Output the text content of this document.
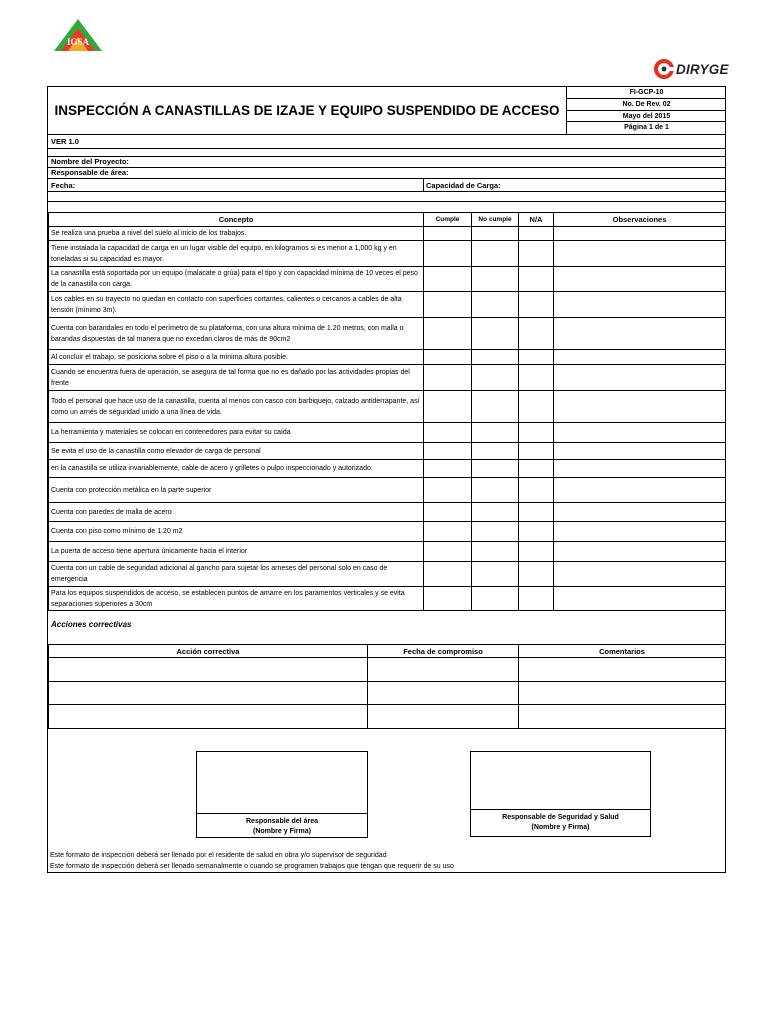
IGSA
DIRYGE
INSPECCIÓN A CANASTILLAS DE IZAJE Y EQUIPO SUSPENDIDO DE ACCESO
FI-GCP-10
No. De Rev. 02
Mayo del 2015
Página 1 de 1
VER 1.0
Nombre del Proyecto:
Responsable de área:
Fecha:	Capacidad de Carga:
Concepto	Cumple	No cumple	N/A	Observaciones
Se realiza una prueba a nivel del suelo al inicio de los trabajos.				
Tiene instalada la capacidad de carga en un lugar visible del equipo, en kilogramos si es menor a 1,000 kg y en toneladas si su capacidad es mayor.				
La canastilla está soportada por un equipo (malacate o grúa) para el tipo y con capacidad mínima de 10 veces el peso de la canastilla con carga.				
Los cables en su trayecto no quedan en contacto con superficies cortantes, calientes o cercanos a cables de alta tensión (mínimo 3m).				
Cuenta con barandales en todo el perímetro de su plataforma, con una altura mínima de 1.20 metros, con malla o barandas dispuestas de tal manera que no excedan claros de más de 90cm2				
Al concluir el trabajo, se posiciona sobre el piso o a la mínima altura posible.				
Cuando se encuentra fuera de operación, se asegura de tal forma que no es dañado por las actividades propias del frente				
Todo el personal que hace uso de la canastilla, cuenta al menos con casco con barbiquejo, calzado antiderrapante, así como un arnés de seguridad unido a una línea de vida.				
La herramienta y materiales se colocan en contenedores para evitar su caída				
Se evita el uso de la canastilla como elevador de carga de personal				
en la canastilla se utiliza invariablemente, cable de acero y grilletes o pulpo inspeccionado y autorizado.				
Cuenta con protección metálica en la parte superior				
Cuenta con paredes de malla de acero				
Cuenta con piso como mínimo de 1.20 m2				
La puerta de acceso tiene apertura únicamente hacia el interior				
Cuenta con un cable de seguridad adicional al gancho para sujetar los arneses del personal solo en caso de emergencia				
Para los equipos suspendidos de acceso, se establecen puntos de amarre en los paramentos verticales y se evita separaciones superiores a 30cm				
Acciones correctivas
Acción correctiva	Fecha de compromiso	Comentarios

Responsable del área
(Nombre y Firma)
Responsable de Seguridad y Salud
(Nombre y Firma)
Este formato de inspección deberá ser llenado por el residente de salud en obra y/o supervisor de seguridad
Este formato de inspección deberá ser llenado semanalmente o cuando se programen trabajos que tengan que requerir de su uso
